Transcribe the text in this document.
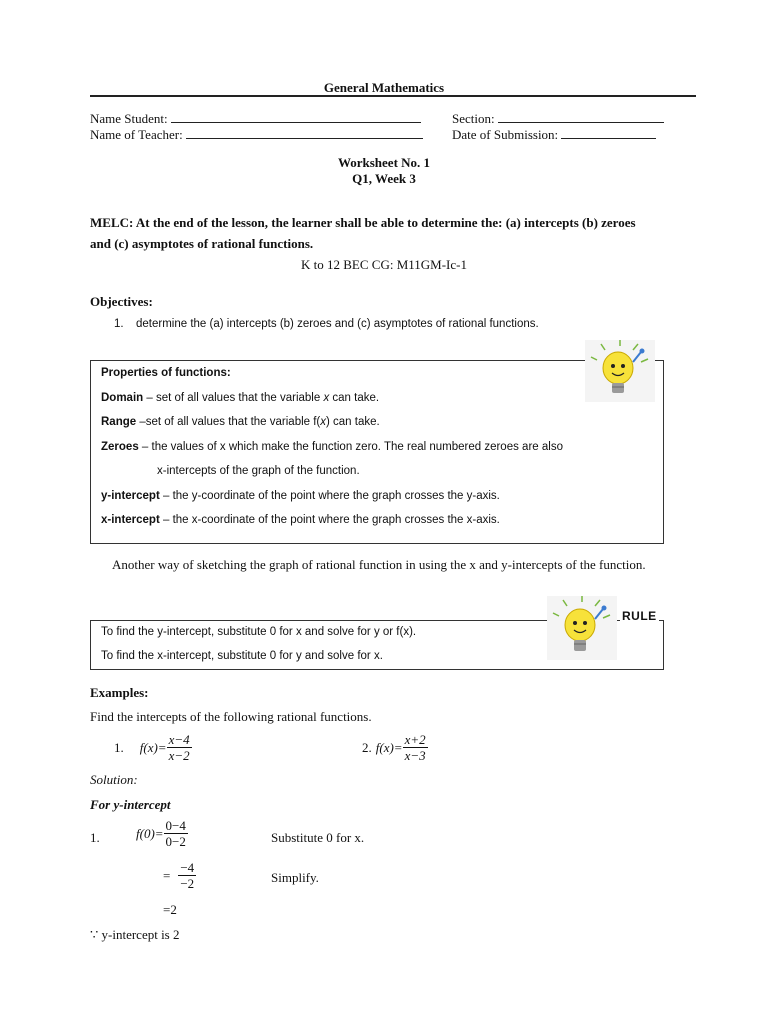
General Mathematics
Name Student:	Section:
Name of Teacher:	Date of Submission:
Worksheet No. 1
Q1, Week 3
MELC: At the end of the lesson, the learner shall be able to determine the: (a) intercepts (b) zeroes
and (c) asymptotes of rational functions.
K to 12 BEC CG: M11GM-Ic-1
Objectives:
1. determine the (a) intercepts (b) zeroes and (c) asymptotes of rational functions.
Properties of functions:
Domain – set of all values that the variable x can take.
Range –set of all values that the variable f(x) can take.
Zeroes – the values of x which make the function zero. The real numbered zeroes are also
x-intercepts of the graph of the function.
y-intercept – the y-coordinate of the point where the graph crosses the y-axis.
x-intercept – the x-coordinate of the point where the graph crosses the x-axis.
Another way of sketching the graph of rational function in using the x and y-intercepts of the function.
To find the y-intercept, substitute 0 for x and solve for y or f(x).
To find the x-intercept, substitute 0 for y and solve for x.
RULE
Examples:
Find the intercepts of the following rational functions.
1. $f(x)= \frac{x-4}{x-2}$	2. $f(x)= \frac{x+2}{x-3}$
Solution:
For y-intercept
1.	$f(0)= \frac{0-4}{0-2}$	Substitute 0 for x.
= $\frac{-4}{-2}$	Simplify.
=2
∵ y-intercept is 2
